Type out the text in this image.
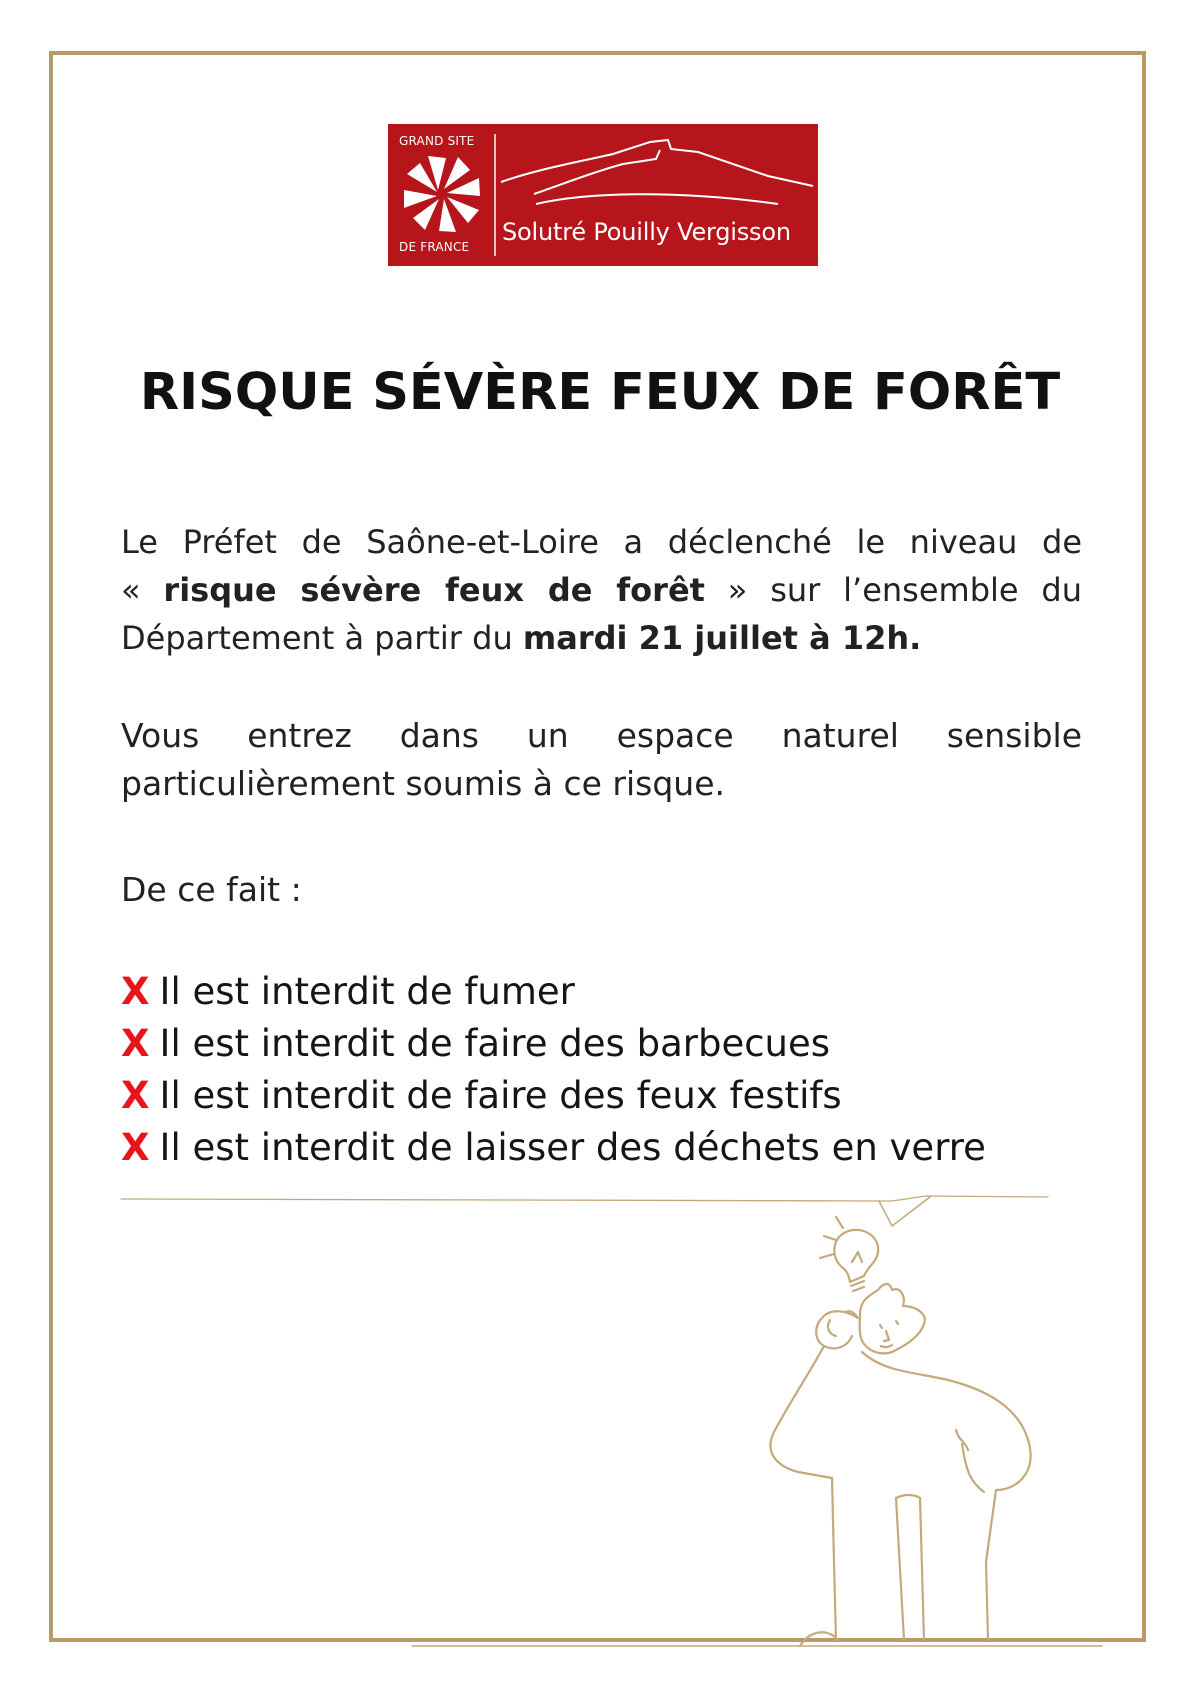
GRAND SITE
DE FRANCE
Solutré Pouilly Vergisson
RISQUE SÉVÈRE FEUX DE FORÊT
Le Préfet de Saône-et-Loire a déclenché le niveau de
« risque sévère feux de forêt » sur l’ensemble du
Département à partir du mardi 21 juillet à 12h.
Vous entrez dans un espace naturel sensible
particulièrement soumis à ce risque.
De ce fait :
X Il est interdit de fumer
X Il est interdit de faire des barbecues
X Il est interdit de faire des feux festifs
X Il est interdit de laisser des déchets en verre
